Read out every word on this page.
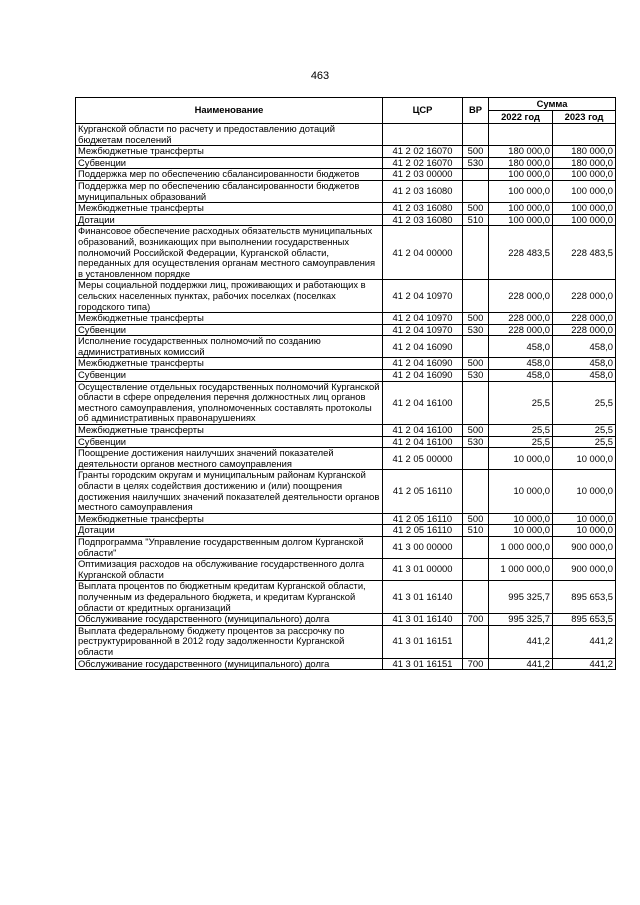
463
Наименование	ЦСР	ВР	Сумма	
			2022 год	2023 год
Курганской области по расчету и предоставлению дотаций бюджетам поселений				
Межбюджетные трансферты	41 2 02 16070	500	180 000,0	180 000,0
Субвенции	41 2 02 16070	530	180 000,0	180 000,0
Поддержка мер по обеспечению сбалансированности бюджетов	41 2 03 00000		100 000,0	100 000,0
Поддержка мер по обеспечению сбалансированности бюджетов муниципальных образований	41 2 03 16080		100 000,0	100 000,0
Межбюджетные трансферты	41 2 03 16080	500	100 000,0	100 000,0
Дотации	41 2 03 16080	510	100 000,0	100 000,0
Финансовое обеспечение расходных обязательств муниципальных образований, возникающих при выполнении государственных полномочий Российской Федерации, Курганской области, переданных для осуществления органам местного самоуправления в установленном порядке	41 2 04 00000		228 483,5	228 483,5
Меры социальной поддержки лиц, проживающих и работающих в сельских населенных пунктах, рабочих поселках (поселках городского типа)	41 2 04 10970		228 000,0	228 000,0
Межбюджетные трансферты	41 2 04 10970	500	228 000,0	228 000,0
Субвенции	41 2 04 10970	530	228 000,0	228 000,0
Исполнение государственных полномочий по созданию административных комиссий	41 2 04 16090		458,0	458,0
Межбюджетные трансферты	41 2 04 16090	500	458,0	458,0
Субвенции	41 2 04 16090	530	458,0	458,0
Осуществление отдельных государственных полномочий Курганской области в сфере определения перечня должностных лиц органов местного самоуправления, уполномоченных составлять протоколы об административных правонарушениях	41 2 04 16100		25,5	25,5
Межбюджетные трансферты	41 2 04 16100	500	25,5	25,5
Субвенции	41 2 04 16100	530	25,5	25,5
Поощрение достижения наилучших значений показателей деятельности органов местного самоуправления	41 2 05 00000		10 000,0	10 000,0
Гранты городским округам и муниципальным районам Курганской области в целях содействия достижению и (или) поощрения достижения наилучших значений показателей деятельности органов местного самоуправления	41 2 05 16110		10 000,0	10 000,0
Межбюджетные трансферты	41 2 05 16110	500	10 000,0	10 000,0
Дотации	41 2 05 16110	510	10 000,0	10 000,0
Подпрограмма "Управление государственным долгом Курганской области"	41 3 00 00000		1 000 000,0	900 000,0
Оптимизация расходов на обслуживание государственного долга Курганской области	41 3 01 00000		1 000 000,0	900 000,0
Выплата процентов по бюджетным кредитам Курганской области, полученным из федерального бюджета, и кредитам Курганской области от кредитных организаций	41 3 01 16140		995 325,7	895 653,5
Обслуживание государственного (муниципального) долга	41 3 01 16140	700	995 325,7	895 653,5
Выплата федеральному бюджету процентов за рассрочку по реструктурированной в 2012 году задолженности Курганской области	41 3 01 16151		441,2	441,2
Обслуживание государственного (муниципального) долга	41 3 01 16151	700	441,2	441,2
